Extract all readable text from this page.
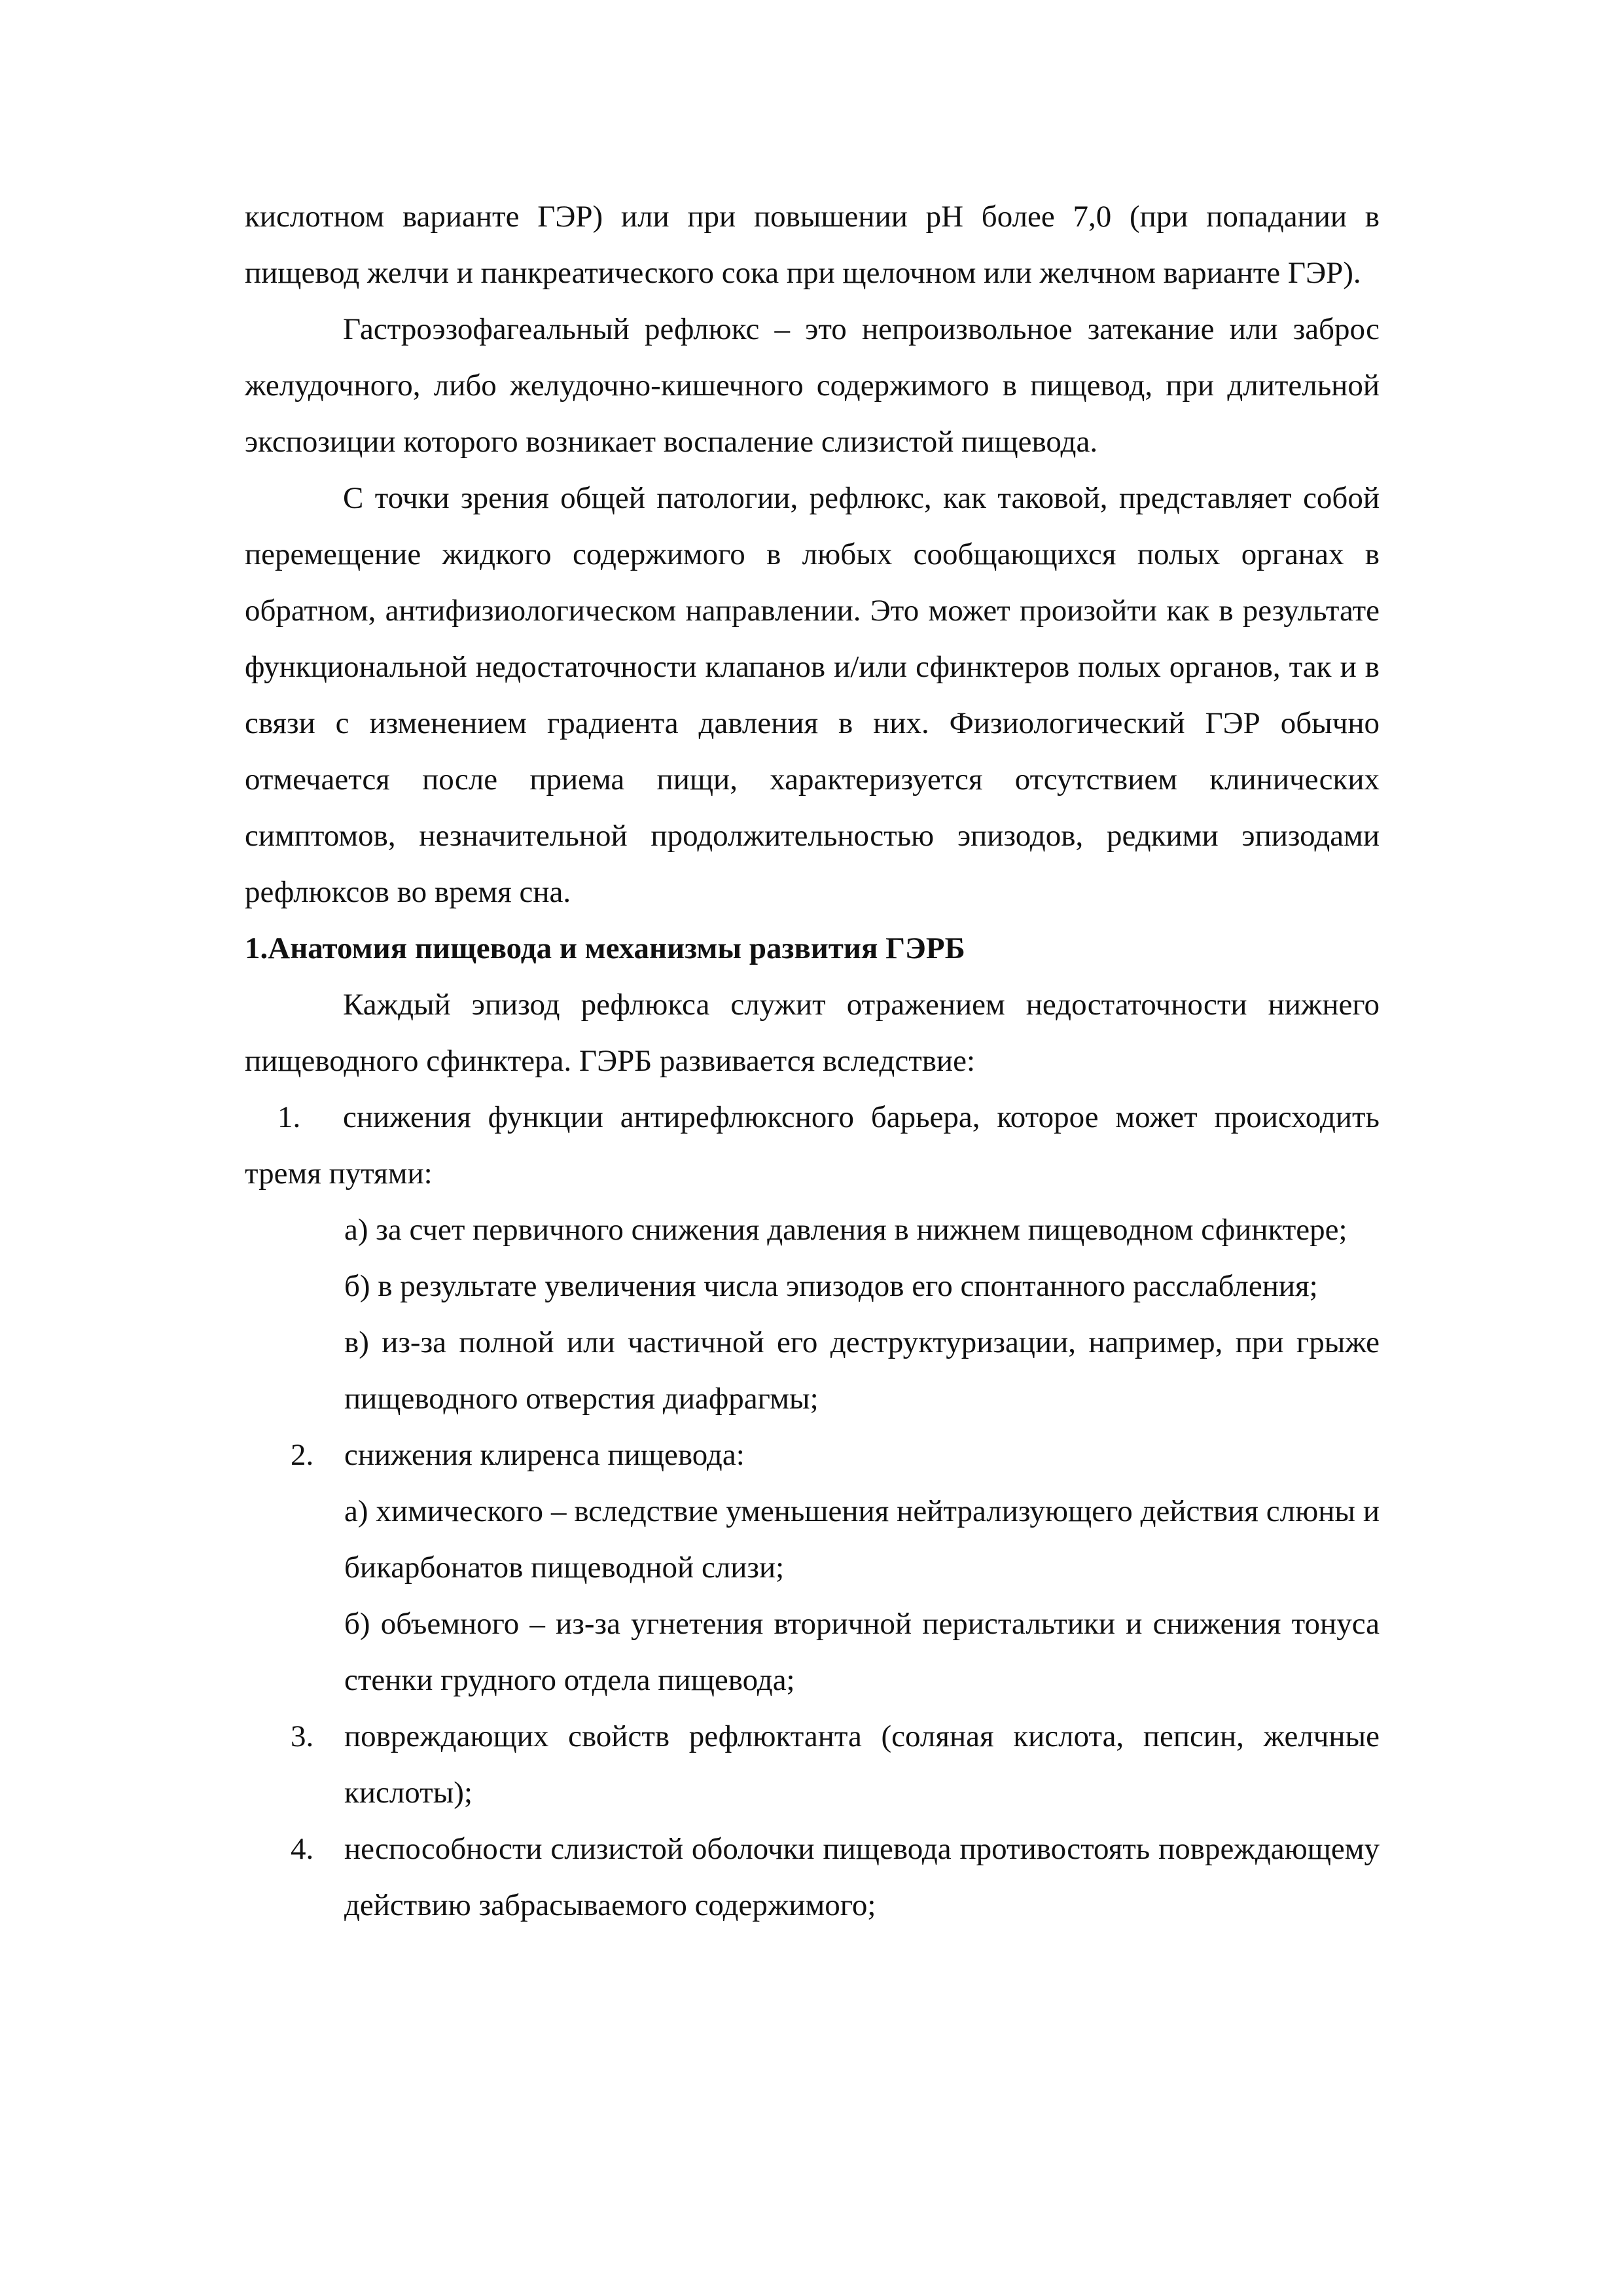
кислотном варианте ГЭР) или при повышении pH более 7,0 (при попадании в пищевод желчи и панкреатического сока при щелочном или желчном варианте ГЭР).

Гастроэзофагеальный рефлюкс – это непроизвольное затекание или заброс желудочного, либо желудочно-кишечного содержимого в пищевод, при длительной экспозиции которого возникает воспаление слизистой пищевода.

С точки зрения общей патологии, рефлюкс, как таковой, представляет собой перемещение жидкого содержимого в любых сообщающихся полых органах в обратном, антифизиологическом направлении. Это может произойти как в результате функциональной недостаточности клапанов и/или сфинктеров полых органов, так и в связи с изменением градиента давления в них. Физиологический ГЭР обычно отмечается после приема пищи, характеризуется отсутствием клинических симптомов, незначительной продолжительностью эпизодов, редкими эпизодами рефлюксов во время сна.

1.Анатомия пищевода и механизмы развития ГЭРБ

Каждый эпизод рефлюкса служит отражением недостаточности нижнего пищеводного сфинктера. ГЭРБ развивается вследствие:

1. снижения функции антирефлюксного барьера, которое может происходить тремя путями:

а) за счет первичного снижения давления в нижнем пищеводном сфинктере;

б) в результате увеличения числа эпизодов его спонтанного расслабления;

в) из-за полной или частичной его деструктуризации, например, при грыже пищеводного отверстия диафрагмы;

2. снижения клиренса пищевода:

а) химического – вследствие уменьшения нейтрализующего действия слюны и бикарбонатов пищеводной слизи;

б) объемного – из-за угнетения вторичной перистальтики и снижения тонуса стенки грудного отдела пищевода;

3. повреждающих свойств рефлюктанта (соляная кислота, пепсин, желчные кислоты);

4. неспособности слизистой оболочки пищевода противостоять повреждающему действию забрасываемого содержимого;
